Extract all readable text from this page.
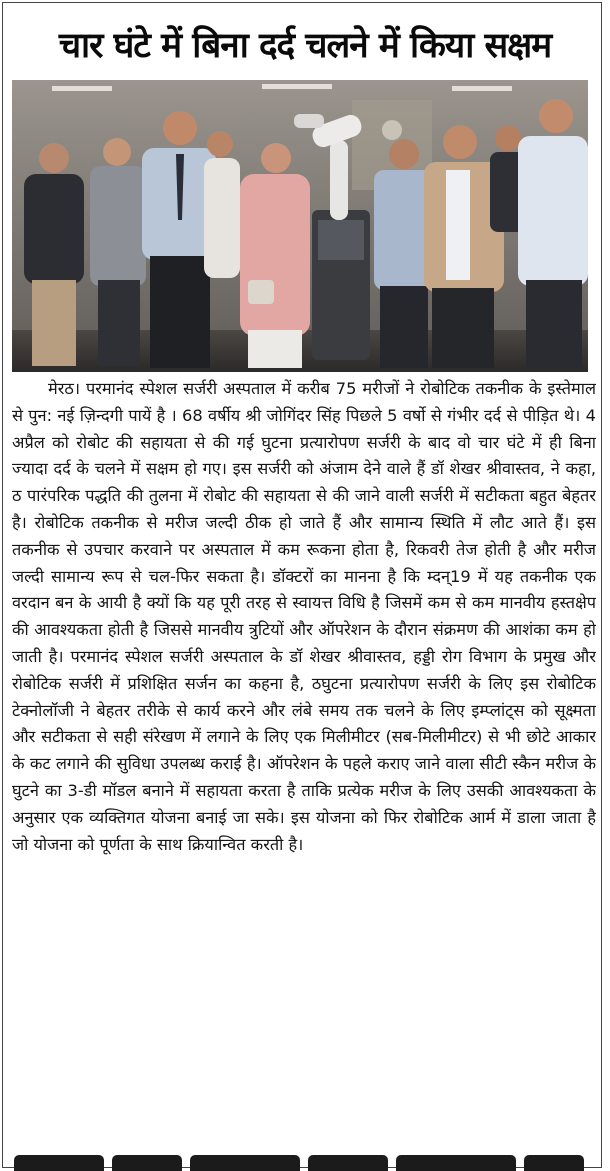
चार घंटे में बिना दर्द चलने में किया सक्षम

मेरठ। परमानंद स्पेशल सर्जरी अस्पताल में करीब 75 मरीजों ने रोबोटिक तकनीक के इस्तेमाल से पुन: नई ज़िन्दगी पायें है । 68 वर्षीय श्री जोगिंदर सिंह पिछले 5 वर्षो से गंभीर दर्द से पीड़ित थे। 4 अप्रैल को रोबोट की सहायता से की गई घुटना प्रत्यारोपण सर्जरी के बाद वो चार घंटे में ही बिना ज्यादा दर्द के चलने में सक्षम हो गए। इस सर्जरी को अंजाम देने वाले हैं डॉ शेखर श्रीवास्तव, ने कहा, ठ पारंपरिक पद्धति की तुलना में रोबोट की सहायता से की जाने वाली सर्जरी में सटीकता बहुत बेहतर है। रोबोटिक तकनीक से मरीज जल्दी ठीक हो जाते हैं और सामान्य स्थिति में लौट आते हैं। इस तकनीक से उपचार करवाने पर अस्पताल में कम रूकना होता है, रिकवरी तेज होती है और मरीज जल्दी सामान्य रूप से चल-फिर सकता है। डॉक्टरों का मानना है कि म्दन्19 में यह तकनीक एक वरदान बन के आयी है क्यों कि यह पूरी तरह से स्वायत्त विधि है जिसमें कम से कम मानवीय हस्तक्षेप की आवश्यकता होती है जिससे मानवीय त्रुटियों और ऑपरेशन के दौरान संक्रमण की आशंका कम हो जाती है। परमानंद स्पेशल सर्जरी अस्पताल के डॉ शेखर श्रीवास्तव, हड्डी रोग विभाग के प्रमुख और रोबोटिक सर्जरी में प्रशिक्षित सर्जन का कहना है, ठघुटना प्रत्यारोपण सर्जरी के लिए इस रोबोटिक टेक्नोलॉजी ने बेहतर तरीके से कार्य करने और लंबे समय तक चलने के लिए इम्प्लांट्स को सूक्ष्मता और सटीकता से सही संरेखण में लगाने के लिए एक मिलीमीटर (सब-मिलीमीटर) से भी छोटे आकार के कट लगाने की सुविधा उपलब्ध कराई है। ऑपरेशन के पहले कराए जाने वाला सीटी स्कैन मरीज के घुटने का 3-डी मॉडल बनाने में सहायता करता है ताकि प्रत्येक मरीज के लिए उसकी आवश्यकता के अनुसार एक व्यक्तिगत योजना बनाई जा सके। इस योजना को फिर रोबोटिक आर्म में डाला जाता है जो योजना को पूर्णता के साथ क्रियान्वित करती है।
